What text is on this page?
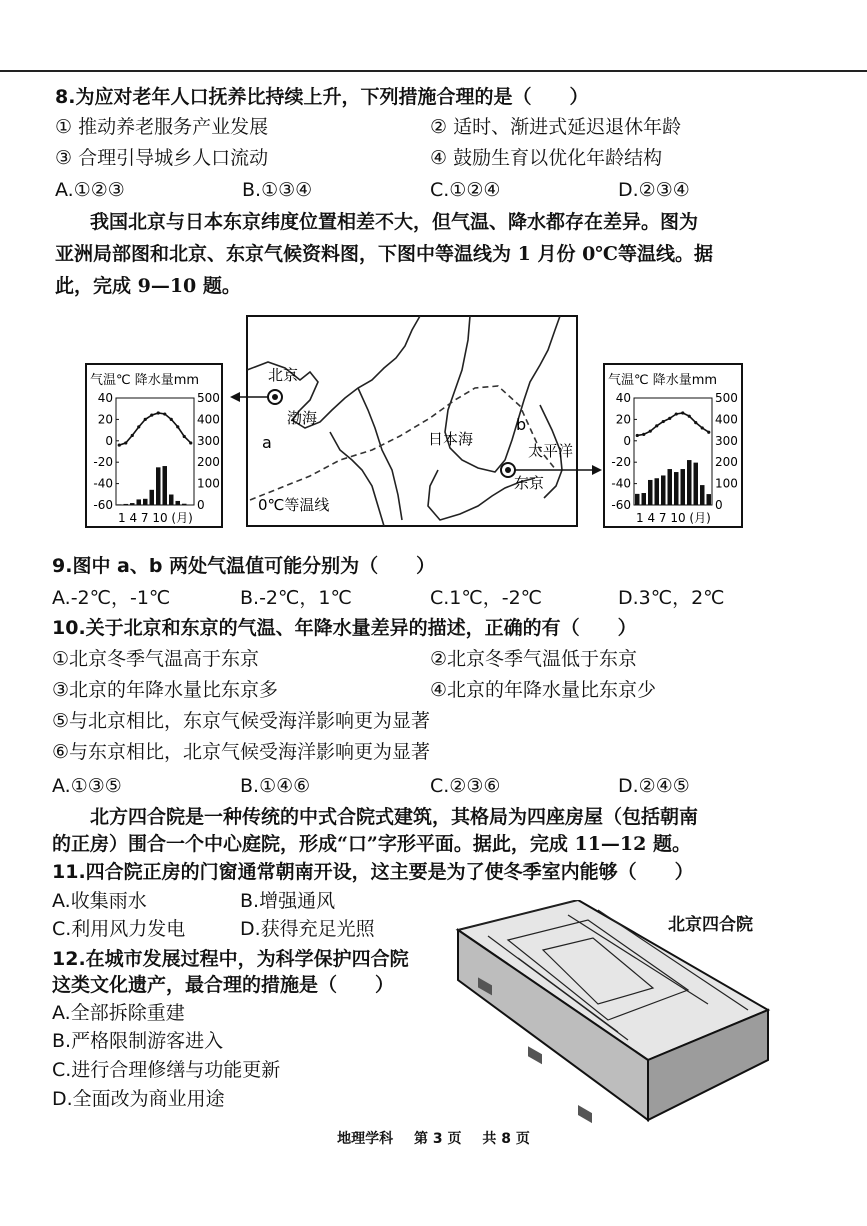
8.为应对老年人口抚养比持续上升，下列措施合理的是（　　）
① 推动养老服务产业发展	② 适时、渐进式延迟退休年龄
③ 合理引导城乡人口流动	④ 鼓励生育以优化年龄结构
A.①②③	B.①③④	C.①②④	D.②③④
我国北京与日本东京纬度位置相差不大，但气温、降水都存在差异。图为
亚洲局部图和北京、东京气候资料图，下图中等温线为 1 月份 0℃等温线。据
此，完成 9—10 题。
北京
渤海
a
b
日本海
太平洋
东京
0℃等温线
气温℃ 降水量mm
40	500
20	400
0	300
-20	200
-40	100
-60	0
1 4 7 10 (月)
气温℃ 降水量mm
40	500
20	400
0	300
-20	200
-40	100
-60	0
1 4 7 10 (月)
9.图中 a、b 两处气温值可能分别为（　　）
A.-2℃，-1℃	B.-2℃，1℃	C.1℃，-2℃	D.3℃，2℃
10.关于北京和东京的气温、年降水量差异的描述，正确的有（　　）
①北京冬季气温高于东京	②北京冬季气温低于东京
③北京的年降水量比东京多	④北京的年降水量比东京少
⑤与北京相比，东京气候受海洋影响更为显著
⑥与东京相比，北京气候受海洋影响更为显著
A.①③⑤	B.①④⑥	C.②③⑥	D.②④⑤
北方四合院是一种传统的中式合院式建筑，其格局为四座房屋（包括朝南
的正房）围合一个中心庭院，形成“口”字形平面。据此，完成 11—12 题。
11.四合院正房的门窗通常朝南开设，这主要是为了使冬季室内能够（　　）
A.收集雨水	B.增强通风
C.利用风力发电	D.获得充足光照	北京四合院
12.在城市发展过程中，为科学保护四合院
这类文化遗产，最合理的措施是（　　）
A.全部拆除重建
B.严格限制游客进入
C.进行合理修缮与功能更新
D.全面改为商业用途
地理学科 第 3 页 共 8 页
